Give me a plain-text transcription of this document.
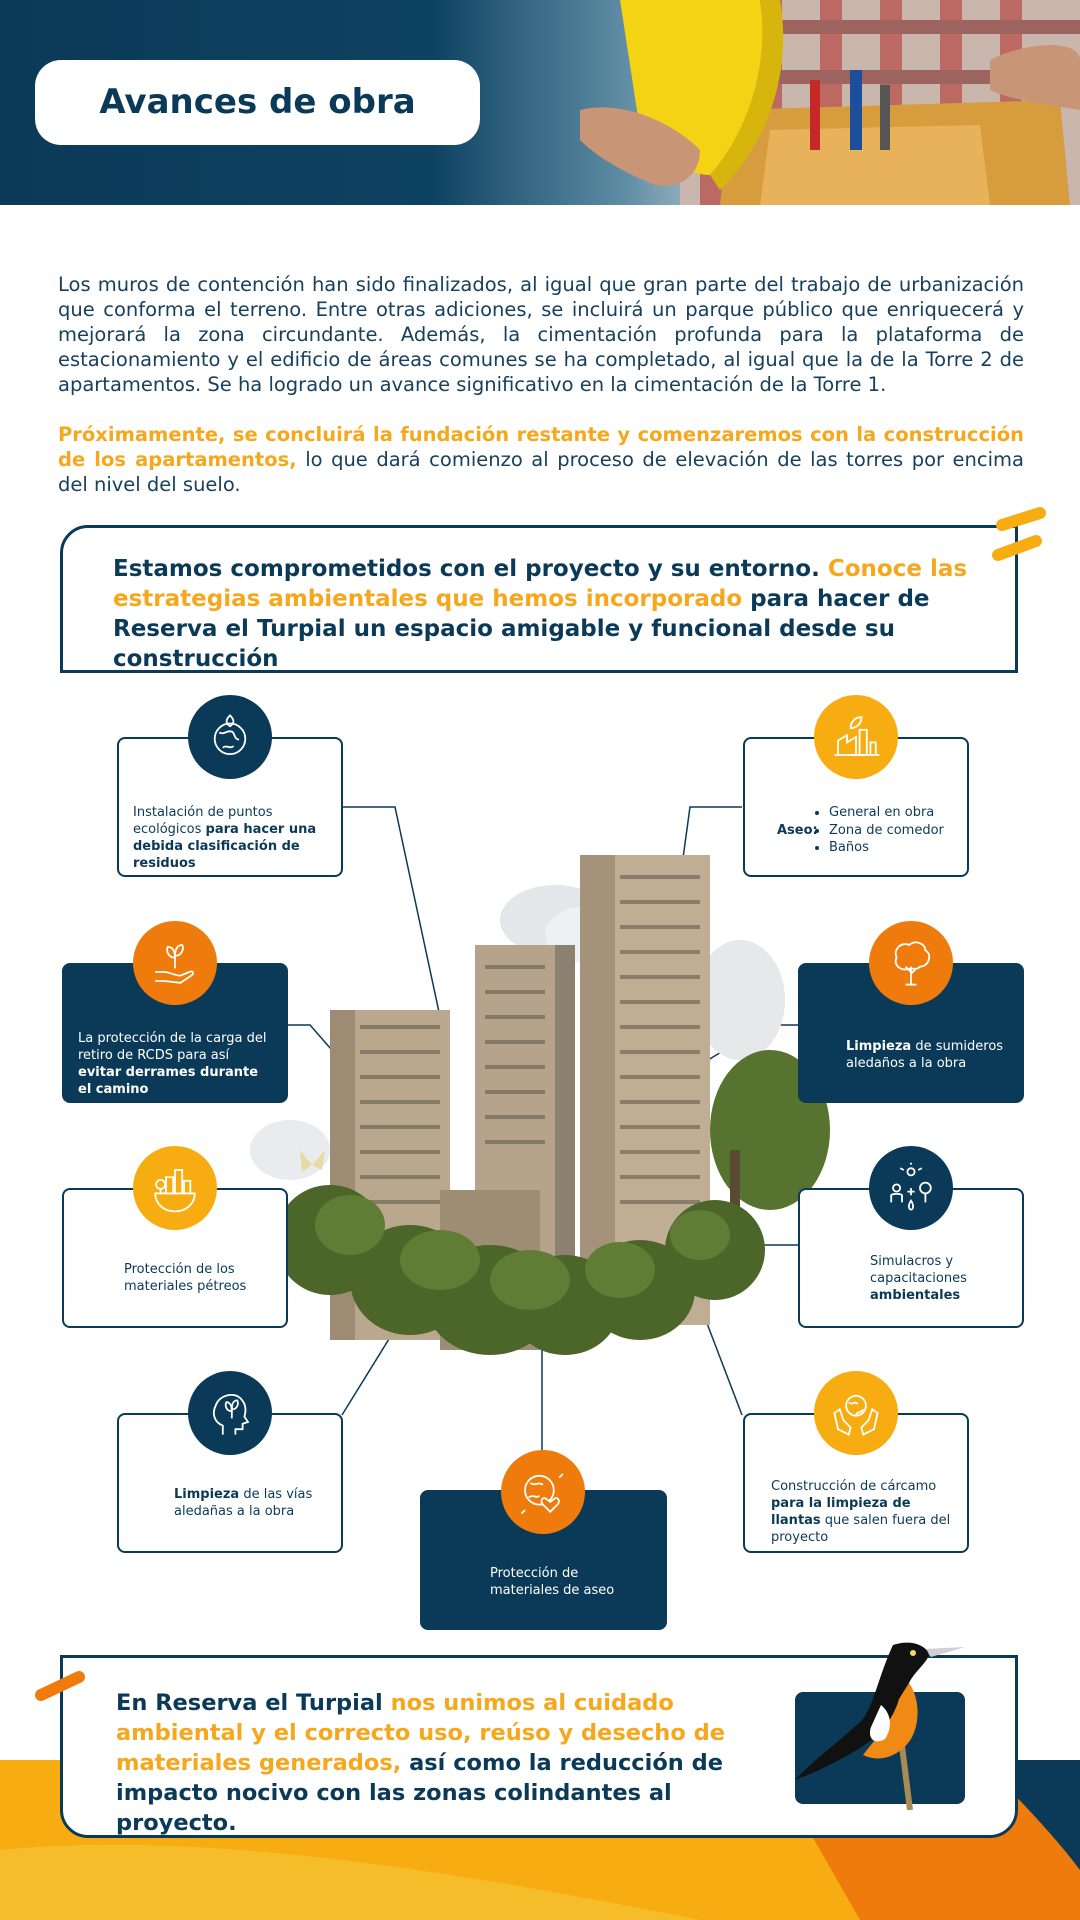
Avances de obra
Los muros de contención han sido finalizados, al igual que gran parte del trabajo de urbanización que conforma el terreno. Entre otras adiciones, se incluirá un parque público que enriquecerá y mejorará la zona circundante. Además, la cimentación profunda para la plataforma de estacionamiento y el edificio de áreas comunes se ha completado, al igual que la de la Torre 2 de apartamentos. Se ha logrado un avance significativo en la cimentación de la Torre 1.
Próximamente, se concluirá la fundación restante y comenzaremos con la construcción de los apartamentos, lo que dará comienzo al proceso de elevación de las torres por encima del nivel del suelo.
Estamos comprometidos con el proyecto y su entorno. Conoce las estrategias ambientales que hemos incorporado para hacer de Reserva el Turpial un espacio amigable y funcional desde su construcción
Instalación de puntos ecológicos para hacer una debida clasificación de residuos
Aseo:
• General en obra
• Zona de comedor
• Baños
La protección de la carga del retiro de RCDS para así evitar derrames durante el camino
Limpieza de sumideros aledaños a la obra
Protección de los materiales pétreos
Simulacros y capacitaciones ambientales
Limpieza de las vías aledañas a la obra
Protección de materiales de aseo
Construcción de cárcamo para la limpieza de llantas que salen fuera del proyecto
En Reserva el Turpial nos unimos al cuidado ambiental y el correcto uso, reúso y desecho de materiales generados, así como la reducción de impacto nocivo con las zonas colindantes al proyecto.
